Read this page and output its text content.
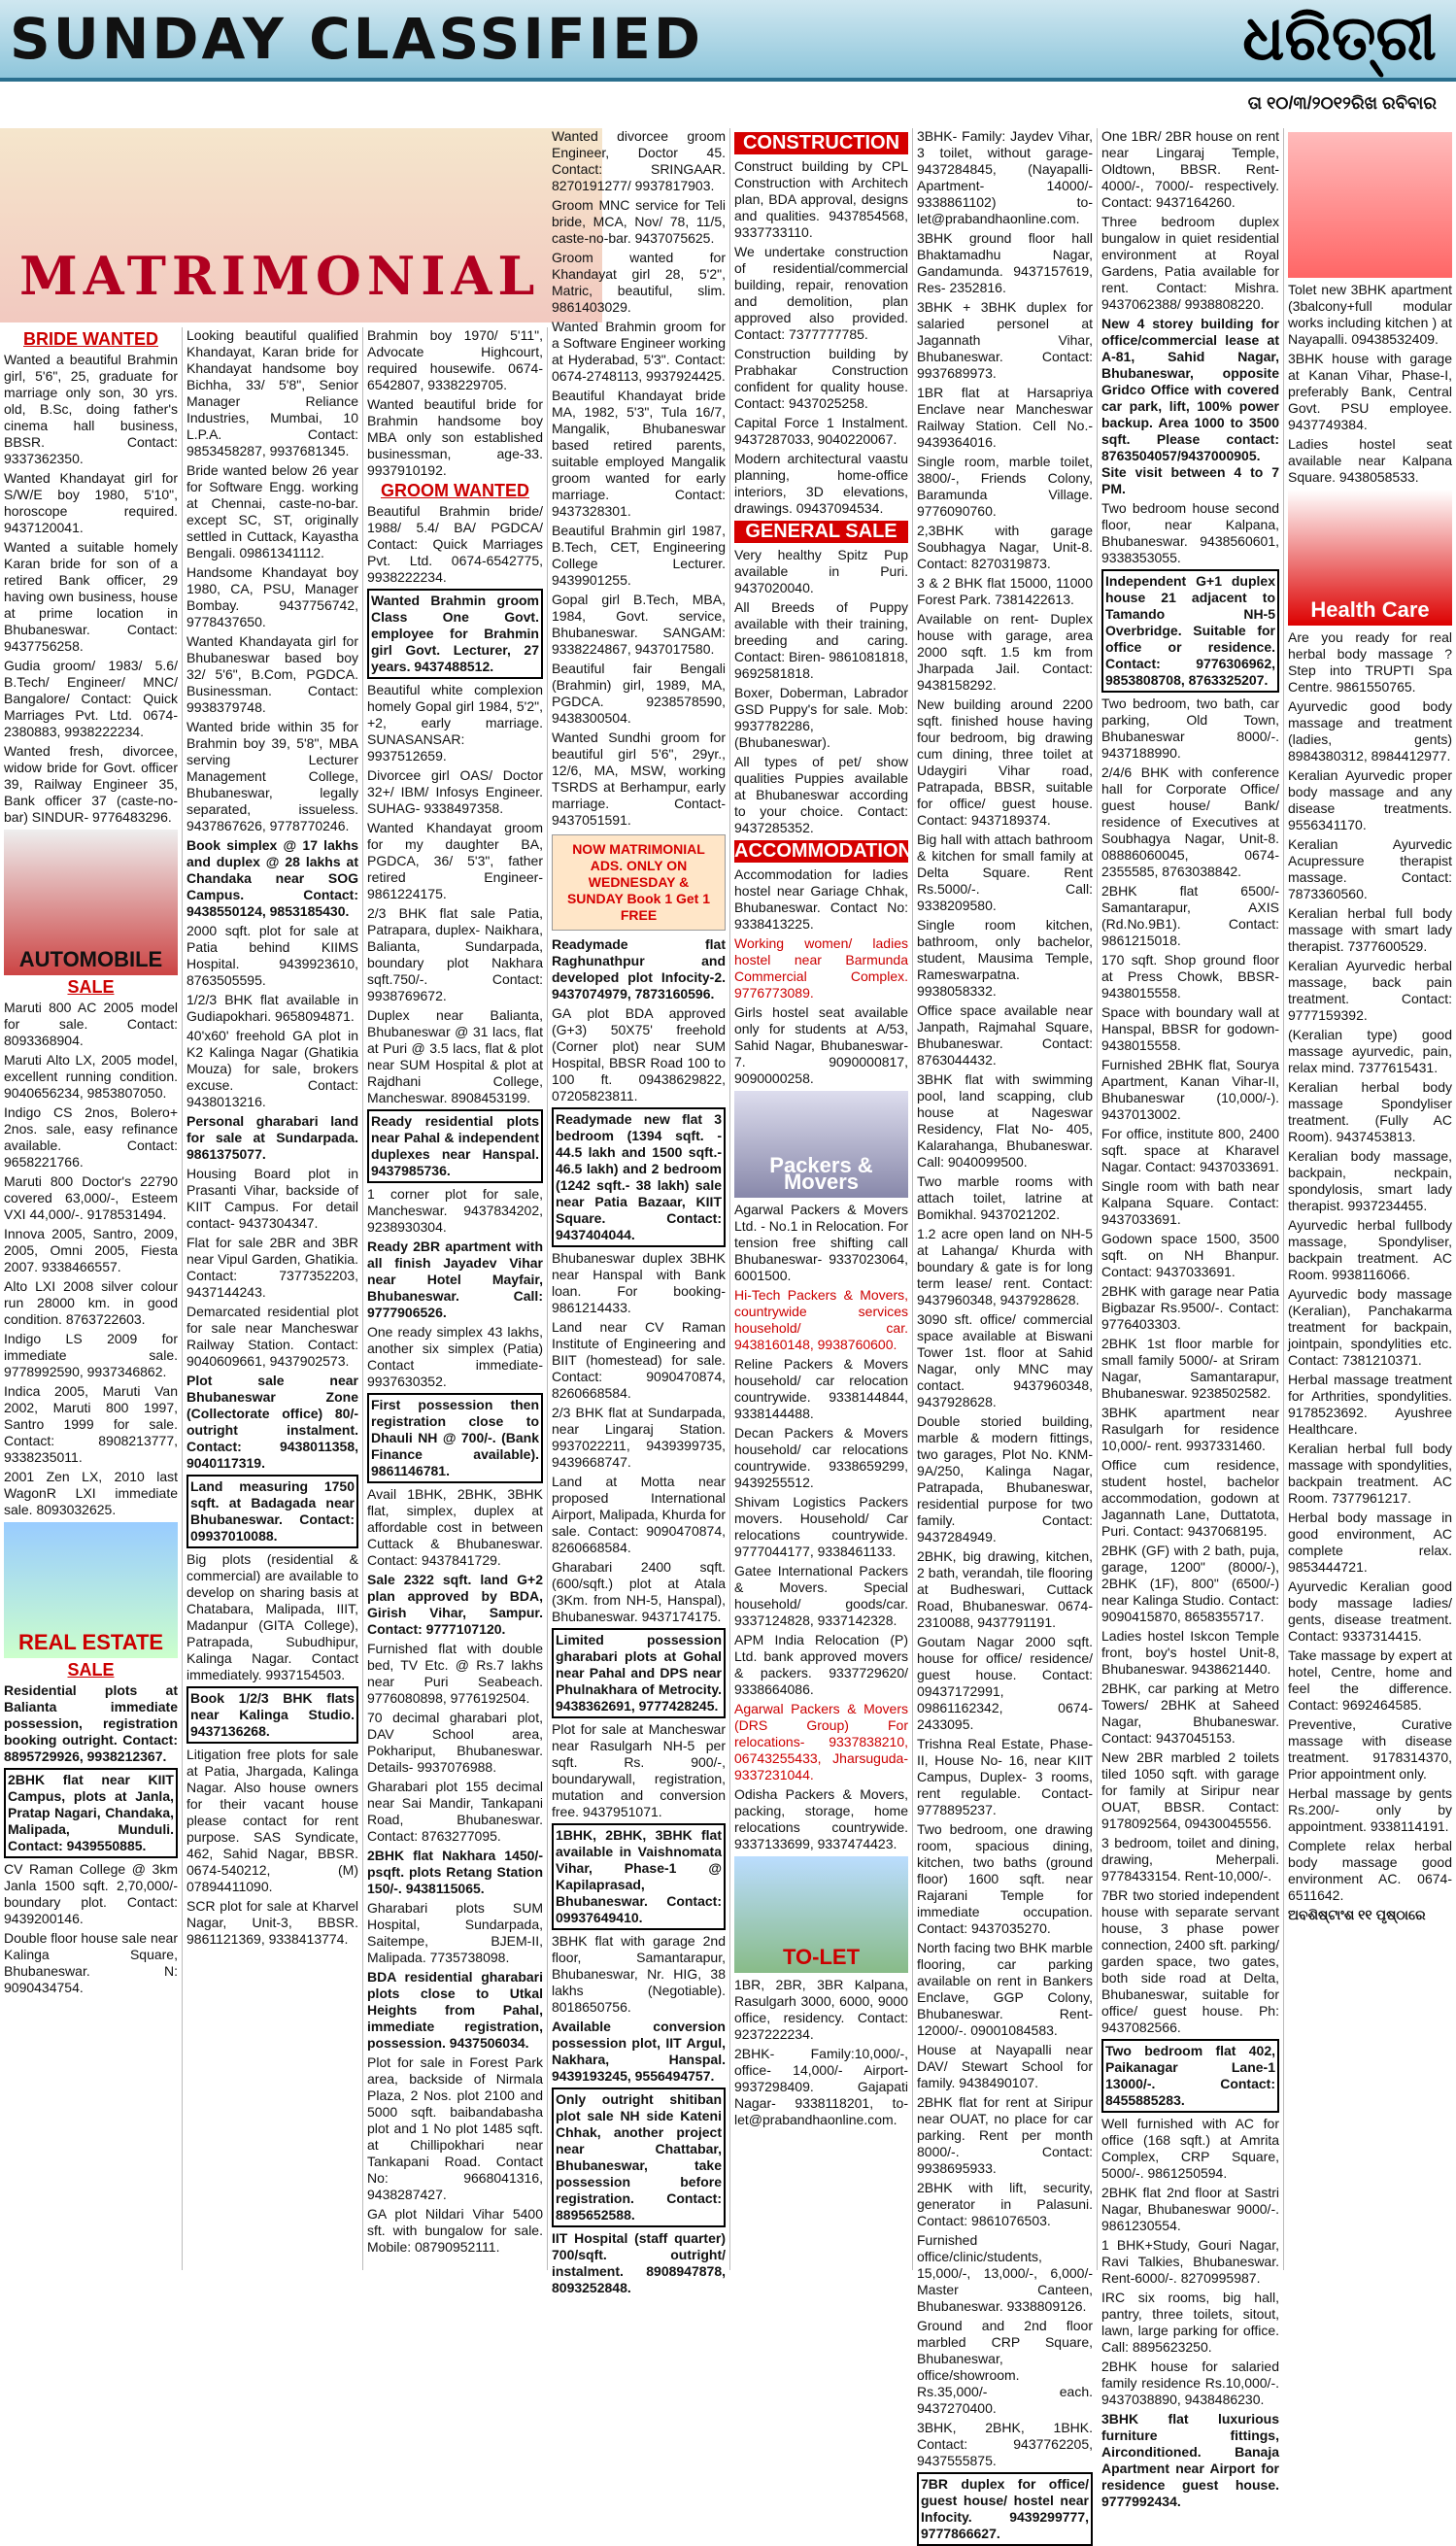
SUNDAY CLASSIFIED	ଧରିତ୍ରୀ
ତା ୧୦/୩/୨୦୧୨ରିଖ ରବିବାର
MATRIMONIAL
BRIDE WANTED
Wanted a beautiful Brahmin girl, 5'6", 25, graduate for marriage only son, 30 yrs. old, B.Sc, doing father's cinema hall business, BBSR. Contact: 9337362350.
Wanted Khandayat girl for S/W/E boy 1980, 5'10", horoscope required. 9437120041.
Wanted a suitable homely Karan bride for son of a retired Bank officer, 29 having own business, house at prime location in Bhubaneswar. Contact: 9437756258.
Gudia groom/ 1983/ 5.6/ B.Tech/ Engineer/ MNC/ Bangalore/ Contact: Quick Marriages Pvt. Ltd. 0674-2380883, 9938222234.
Wanted fresh, divorcee, widow bride for Govt. officer 39, Railway Engineer 35, Bank officer 37 (caste-no-bar) SINDUR- 9776483296.
AUTOMOBILE
SALE
Maruti 800 AC 2005 model for sale. Contact: 8093368904.
Maruti Alto LX, 2005 model, excellent running condition. 9040656234, 9853807050.
Indigo CS 2nos, Bolero+ 2nos. sale, easy refinance available. Contact: 9658221766.
Maruti 800 Doctor's 22790 covered 63,000/-, Esteem VXI 44,000/-. 9178531494.
Innova 2005, Santro, 2009, 2005, Omni 2005, Fiesta 2007. 9338466557.
Alto LXI 2008 silver colour run 28000 km. in good condition. 8763722603.
Indigo LS 2009 for immediate sale. 9778992590, 9937346862.
Indica 2005, Maruti Van 2002, Maruti 800 1997, Santro 1999 for sale. Contact: 8908213777, 9338235011.
2001 Zen LX, 2010 last WagonR LXI immediate sale. 8093032625.
REAL ESTATE
SALE
Residential plots at Balianta immediate possession, registration booking outright. Contact: 8895729926, 9938212367.
2BHK flat near KIIT Campus, plots at Janla, Pratap Nagari, Chandaka, Malipada, Munduli. Contact: 9439550885.
CV Raman College @ 3km Janla 1500 sqft. 2,70,000/- boundary plot. Contact: 9439200146.
Double floor house sale near Kalinga Square, Bhubaneswar. N: 9090434754.
Looking beautiful qualified Khandayat, Karan bride for Khandayat handsome boy Bichha, 33/ 5'8", Senior Manager Reliance Industries, Mumbai, 10 L.P.A. Contact: 9853458287, 9937681345.
Bride wanted below 26 year for Software Engg. working at Chennai, caste-no-bar. except SC, ST, originally settled in Cuttack, Kayastha Bengali. 09861341112.
Handsome Khandayat boy 1980, CA, PSU, Manager Bombay. 9437756742, 9778437650.
Wanted Khandayata girl for Bhubaneswar based boy 32/ 5'6", B.Com, PGDCA. Businessman. Contact: 9938379748.
Wanted bride within 35 for Brahmin boy 39, 5'8", MBA serving Lecturer Management College, Bhubaneswar, legally separated, issueless. 9437867626, 9778770246.
Book simplex @ 17 lakhs and duplex @ 28 lakhs at Chandaka near SOG Campus. Contact: 9438550124, 9853185430.
2000 sqft. plot for sale at Patia behind KIIMS Hospital. 9439923610, 8763505595.
1/2/3 BHK flat available in Gudiapokhari. 9658094871.
40'x60' freehold GA plot in K2 Kalinga Nagar (Ghatikia Mouza) for sale, brokers excuse. Contact: 9438013216.
Personal gharabari land for sale at Sundarpada. 9861375077.
Housing Board plot in Prasanti Vihar, backside of KIIT Campus. For detail contact- 9437304347.
Flat for sale 2BR and 3BR near Vipul Garden, Ghatikia. Contact: 7377352203, 9437144243.
Demarcated residential plot for sale near Mancheswar Railway Station. Contact: 9040609661, 9437902573.
Plot sale near Bhubaneswar Zone (Collectorate office) 80/- outright instalment. Contact: 9438011358, 9040117319.
Land measuring 1750 sqft. at Badagada near Bhubaneswar. Contact: 09937010088.
Big plots (residential & commercial) are available to develop on sharing basis at Chatabara, Malipada, IIIT, Madanpur (GITA College), Patrapada, Subudhipur, Kalinga Nagar. Contact immediately. 9937154503.
Book 1/2/3 BHK flats near Kalinga Studio. 9437136268.
Litigation free plots for sale at Patia, Jhargada, Kalinga Nagar. Also house owners for their vacant house please contact for rent purpose. SAS Syndicate, 462, Sahid Nagar, BBSR. 0674-540212, (M) 07894411090.
SCR plot for sale at Kharvel Nagar, Unit-3, BBSR. 9861121369, 9338413774.
Brahmin boy 1970/ 5'11", Advocate Highcourt, required housewife. 0674-6542807, 9338229705.
Wanted beautiful bride for Brahmin handsome boy MBA only son established businessman, age-33. 9937910192.
GROOM WANTED
Beautiful Brahmin bride/ 1988/ 5.4/ BA/ PGDCA/ Contact: Quick Marriages Pvt. Ltd. 0674-6542775, 9938222234.
Wanted Brahmin groom Class One Govt. employee for Brahmin girl Govt. Lecturer, 27 years. 9437488512.
Beautiful white complexion homely Gopal girl 1984, 5'2", +2, early marriage. SUNASANSAR: 9937512659.
Divorcee girl OAS/ Doctor 32+/ IBM/ Infosys Engineer. SUHAG- 9338497358.
Wanted Khandayat groom for my daughter BA, PGDCA, 36/ 5'3", father retired Engineer- 9861224175.
2/3 BHK flat sale Patia, Patrapara, duplex- Naikhara, Balianta, Sundarpada, boundary plot Nakhara sqft.750/-. Contact: 9938769672.
Duplex near Balianta, Bhubaneswar @ 31 lacs, flat at Puri @ 3.5 lacs, flat & plot near SUM Hospital & plot at Rajdhani College, Mancheswar. 8908453199.
Ready residential plots near Pahal & independent duplexes near Hanspal. 9437985736.
1 corner plot for sale, Mancheswar. 9437834202, 9238930304.
Ready 2BR apartment with all finish Jayadev Vihar near Hotel Mayfair, Bhubaneswar. Call: 9777906526.
One ready simplex 43 lakhs, another six simplex (Patia) Contact immediate- 9937630352.
First possession then registration close to Dhauli NH @ 700/-. (Bank Finance available). 9861146781.
Avail 1BHK, 2BHK, 3BHK flat, simplex, duplex at affordable cost in between Cuttack & Bhubaneswar. Contact: 9437841729.
Sale 2322 sqft. land G+2 plan approved by BDA, Girish Vihar, Sampur. Contact: 9777107120.
Furnished flat with double bed, TV Etc. @ Rs.7 lakhs near Puri Seabeach. 9776080898, 9776192504.
70 decimal gharabari plot, DAV School area, Pokhariput, Bhubaneswar. Details- 9937076988.
Gharabari plot 155 decimal near Sai Mandir, Tankapani Road, Bhubaneswar. Contact: 8763277095.
2BHK flat Nakhara 1450/- psqft. plots Retang Station 150/-. 9438115065.
Gharabari plots SUM Hospital, Sundarpada, Saitempe, BJEM-II, Malipada. 7735738098.
BDA residential gharabari plots close to Utkal Heights from Pahal, immediate registration, possession. 9437506034.
Plot for sale in Forest Park area, backside of Nirmala Plaza, 2 Nos. plot 2100 and 5000 sqft. baibandabasha plot and 1 No plot 1485 sqft. at Chillipokhari near Tankapani Road. Contact No: 9668041316, 9438287427.
GA plot Nildari Vihar 5400 sft. with bungalow for sale. Mobile: 08790952111.
Wanted divorcee groom Engineer, Doctor 45. Contact: SRINGAAR. 8270191277/ 9937817903.
Groom MNC service for Teli bride, MCA, Nov/ 78, 11/5, caste-no-bar. 9437075625.
Groom wanted for Khandayat girl 28, 5'2", Matric, beautiful, slim. 9861403029.
Wanted Brahmin groom for a Software Engineer working at Hyderabad, 5'3". Contact: 0674-2748113, 9937924425.
Beautiful Khandayat bride MA, 1982, 5'3", Tula 16/7, Mangalik, Bhubaneswar based retired parents, suitable employed Mangalik groom wanted for early marriage. Contact: 9437328301.
Beautiful Brahmin girl 1987, B.Tech, CET, Engineering College Lecturer. 9439901255.
Gopal girl B.Tech, MBA, 1984, Govt. service, Bhubaneswar. SANGAM: 9338224867, 9437017580.
Beautiful fair Bengali (Brahmin) girl, 1989, MA, PGDCA. 9238578590, 9438300504.
Wanted Sundhi groom for beautiful girl 5'6", 29yr., 12/6, MA, MSW, working TSRDS at Berhampur, early marriage. Contact- 9437051591.
NOW MATRIMONIAL ADS. ONLY ON WEDNESDAY & SUNDAY Book 1 Get 1 FREE
Readymade flat Raghunathpur and developed plot Infocity-2. 9437074979, 7873160596.
GA plot BDA approved (G+3) 50X75' freehold (Corner plot) near SUM Hospital, BBSR Road 100 to 100 ft. 09438629822, 07205823811.
Readymade new flat 3 bedroom (1394 sqft. - 44.5 lakh and 1500 sqft.- 46.5 lakh) and 2 bedroom (1242 sqft.- 38 lakh) sale near Patia Bazaar, KIIT Square. Contact: 9437404044.
Bhubaneswar duplex 3BHK near Hanspal with Bank loan. For booking- 9861214433.
Land near CV Raman Institute of Engineering and BIIT (homestead) for sale. Contact: 9090470874, 8260668584.
2/3 BHK flat at Sundarpada, near Lingaraj Station. 9937022211, 9439399735, 9439668747.
Land at Motta near proposed International Airport, Malipada, Khurda for sale. Contact: 9090470874, 8260668584.
Gharabari 2400 sqft. (600/sqft.) plot at Atala (3Km. from NH-5, Hanspal), Bhubaneswar. 9437174175.
Limited possession gharabari plots at Gohal near Pahal and DPS near Phulnakhara of Metrocity. 9438362691, 9777428245.
Plot for sale at Mancheswar near Rasulgarh NH-5 per sqft. Rs. 900/-, boundarywall, registration, mutation and conversion free. 9437951071.
1BHK, 2BHK, 3BHK flat available in Vaishnomata Vihar, Phase-1 @ Kapilaprasad, Bhubaneswar. Contact: 09937649410.
3BHK flat with garage 2nd floor, Samantarapur, Bhubaneswar, Nr. HIG, 38 lakhs (Negotiable). 8018650756.
Available conversion possession plot, IIT Argul, Nakhara, Hanspal. 9439193245, 9556494757.
Only outright shitiban plot sale NH side Kateni Chhak, another project near Chattabar, Bhubaneswar, take possession before registration. Contact: 8895652588.
IIT Hospital (staff quarter) 700/sqft. outright/ instalment. 8908947878, 8093252848.
CONSTRUCTION
Construct building by CPL Construction with Architech plan, BDA approval, designs and qualities. 9437854568, 9337733110.
We undertake construction of residential/commercial building, repair, renovation and demolition, plan approved also provided. Contact: 7377777785.
Construction building by Prabhakar Construction confident for quality house. Contact: 9437025258.
Capital Force 1 Instalment. 9437287033, 9040220067.
Modern architectural vaastu planning, home-office interiors, 3D elevations, drawings. 09437094534.
GENERAL SALE
Very healthy Spitz Pup available in Puri. 9437020040.
All Breeds of Puppy available with their training, breeding and caring. Contact: Biren- 9861081818, 9692581818.
Boxer, Doberman, Labrador GSD Puppy's for sale. Mob: 9937782286, (Bhubaneswar).
All types of pet/ show qualities Puppies available at Bhubaneswar according to your choice. Contact: 9437285352.
ACCOMMODATION
Accommodation for ladies hostel near Gariage Chhak, Bhubaneswar. Contact No: 9338413225.
Working women/ ladies hostel near Barmunda Commercial Complex. 9776773089.
Girls hostel seat available only for students at A/53, Sahid Nagar, Bhubaneswar-7. 9090000817, 9090000258.
Packers & Movers
Agarwal Packers & Movers Ltd. - No.1 in Relocation. For tension free shifting call Bhubaneswar- 9337023064, 6001500.
Hi-Tech Packers & Movers, countrywide services household/ car. 9438160148, 9938760600.
Reline Packers & Movers household/ car relocation countrywide. 9338144844, 9338144488.
Decan Packers & Movers household/ car relocations countrywide. 9338659299, 9439255512.
Shivam Logistics Packers movers. Household/ Car relocations countrywide. 9777044177, 9338461133.
Gatee International Packers & Movers. Special household/ goods/car. 9337124828, 9337142328.
APM India Relocation (P) Ltd. bank approved movers & packers. 9337729620/ 9338664086.
Agarwal Packers & Movers (DRS Group) For relocations- 9337838210, 06743255433, Jharsuguda- 9337231044.
Odisha Packers & Movers, packing, storage, home relocations countrywide. 9337133699, 9337474423.
TO-LET
1BR, 2BR, 3BR Kalpana, Rasulgarh 3000, 6000, 9000 office, residency. Contact: 9237222234.
2BHK- Family:10,000/-, office- 14,000/- Airport-9937298409. Gajapati Nagar- 9338118201, to-let@prabandhaonline.com.
3BHK- Family: Jaydev Vihar, 3 toilet, without garage- 9437284845, (Nayapalli- Apartment- 14000/- 9338861102) to-let@prabandhaonline.com.
3BHK ground floor hall Bhaktamadhu Nagar, Gandamunda. 9437157619, Res- 2352816.
3BHK + 3BHK duplex for salaried personel at Jagannath Vihar, Bhubaneswar. Contact: 9937689973.
1BR flat at Harsapriya Enclave near Mancheswar Railway Station. Cell No.- 9439364016.
Single room, marble toilet, 3800/-, Friends Colony, Baramunda Village. 9776090760.
2,3BHK with garage Soubhagya Nagar, Unit-8. Contact: 8270319873.
3 & 2 BHK flat 15000, 11000 Forest Park. 7381422613.
Available on rent- Duplex house with garage, area 2000 sqft. 1.5 km from Jharpada Jail. Contact: 9438158292.
New building around 2200 sqft. finished house having four bedroom, big drawing cum dining, three toilet at Udaygiri Vihar road, Patrapada, BBSR, suitable for office/ guest house. Contact: 9437189374.
Big hall with attach bathroom & kitchen for small family at Delta Square. Rent Rs.5000/-. Call: 9338209580.
Single room kitchen, bathroom, only bachelor, student, Mausima Temple, Rameswarpatna. 9938058332.
Office space available near Janpath, Rajmahal Square, Bhubaneswar. Contact: 8763044432.
3BHK flat with swimming pool, land scapping, club house at Nageswar Residency, Flat No- 405, Kalarahanga, Bhubaneswar. Call: 9040099500.
Two marble rooms with attach toilet, latrine at Bomikhal. 9437021202.
1.2 acre open land on NH-5 at Lahanga/ Khurda with boundary & gate is for long term lease/ rent. Contact: 9437960348, 9437928628.
3090 sft. office/ commercial space available at Biswani Tower 1st. floor at Sahid Nagar, only MNC may contact. 9437960348, 9437928628.
Double storied building, marble & modern fittings, two garages, Plot No. KNM-9A/250, Kalinga Nagar, Patrapada, Bhubaneswar, residential purpose for two family. Contact: 9437284949.
2BHK, big drawing, kitchen, 2 bath, verandah, tile flooring at Budheswari, Cuttack Road, Bhubaneswar. 0674-2310088, 9437791191.
Goutam Nagar 2000 sqft. house for office/ residence/ guest house. Contact: 09437172991, 09861162342, 0674-2433095.
Trishna Real Estate, Phase- II, House No- 16, near KIIT Campus, Duplex- 3 rooms, rent regulable. Contact- 9778895237.
Two bedroom, one drawing room, spacious dining, kitchen, two baths (ground floor) 1600 sqft. near Rajarani Temple for immediate occupation. Contact: 9437035270.
North facing two BHK marble flooring, car parking available on rent in Bankers Enclave, GGP Colony, Bhubaneswar. Rent- 12000/-. 09001084583.
House at Nayapalli near DAV/ Stewart School for family. 9438490107.
2BHK flat for rent at Siripur near OUAT, no place for car parking. Rent per month 8000/-. Contact: 9938695933.
2BHK with lift, security, generator in Palasuni. Contact: 9861076503.
Furnished office/clinic/students, 15,000/-, 13,000/-, 6,000/- Master Canteen, Bhubaneswar. 9338809126.
Ground and 2nd floor marbled CRP Square, Bhubaneswar, office/showroom. Rs.35,000/- each. 9437270400.
3BHK, 2BHK, 1BHK. Contact: 9437762205, 9437555875.
7BR duplex for office/ guest house/ hostel near Infocity. 9439299777, 9777866627.
One 1BR/ 2BR house on rent near Lingaraj Temple, Oldtown, BBSR. Rent- 4000/-, 7000/- respectively. Contact: 9437164260.
Three bedroom duplex bungalow in quiet residential environment at Royal Gardens, Patia available for rent. Contact: Mishra. 9437062388/ 9938808220.
New 4 storey building for office/commercial lease at A-81, Sahid Nagar, Bhubaneswar, opposite Gridco Office with covered car park, lift, 100% power backup. Area 1000 to 3500 sqft. Please contact: 8763504057/9437000905. Site visit between 4 to 7 PM.
Two bedroom house second floor, near Kalpana, Bhubaneswar. 9438560601, 9338353055.
Independent G+1 duplex house 21 adjacent to Tamando NH-5 Overbridge. Suitable for office or residence. Contact: 9776306962, 9853808708, 8763325207.
Two bedroom, two bath, car parking, Old Town, Bhubaneswar 8000/-. 9437188990.
2/4/6 BHK with conference hall for Corporate Office/ guest house/ Bank/ residence of Executives at Soubhagya Nagar, Unit-8. 08886060045, 0674-2355585, 8763038842.
2BHK flat 6500/- Samantarapur, AXIS (Rd.No.9B1). Contact: 9861215018.
170 sqft. Shop ground floor at Press Chowk, BBSR- 9438015558.
Space with boundary wall at Hanspal, BBSR for godown- 9438015558.
Furnished 2BHK flat, Sourya Apartment, Kanan Vihar-II, Bhubaneswar (10,000/-). 9437013002.
For office, institute 800, 2400 sqft. space at Kharavel Nagar. Contact: 9437033691.
Single room with bath near Kalpana Square. Contact: 9437033691.
Godown space 1500, 3500 sqft. on NH Bhanpur. Contact: 9437033691.
2BHK with garage near Patia Bigbazar Rs.9500/-. Contact: 9776403303.
2BHK 1st floor marble for small family 5000/- at Sriram Nagar, Samantarapur, Bhubaneswar. 9238502582.
3BHK apartment near Rasulgarh for residence 10,000/- rent. 9937331460.
Office cum residence, student hostel, bachelor accommodation, godown at Jagannath Lane, Duttatota, Puri. Contact: 9437068195.
2BHK (GF) with 2 bath, puja, garage, 1200" (8000/-), 2BHK (1F), 800" (6500/-) near Kalinga Studio. Contact: 9090415870, 8658355717.
Ladies hostel Iskcon Temple front, boy's hostel Unit-8, Bhubaneswar. 9438621440.
2BHK, car parking at Metro Towers/ 2BHK at Saheed Nagar, Bhubaneswar. Contact: 9437045153.
New 2BR marbled 2 toilets tiled 1050 sqft. with garage for family at Siripur near OUAT, BBSR. Contact: 9178092564, 09430045556.
3 bedroom, toilet and dining, drawing, Meherpali. 9778433154. Rent-10,000/-.
7BR two storied independent house with separate servant house, 3 phase power connection, 2400 sft. parking/ garden space, two gates, both side road at Delta, Bhubaneswar, suitable for office/ guest house. Ph: 9437082566.
Two bedroom flat 402, Paikanagar Lane-1 13000/-. Contact: 8455885283.
Well furnished with AC for office (168 sqft.) at Amrita Complex, CRP Square, 5000/-. 9861250594.
2BHK flat 2nd floor at Sastri Nagar, Bhubaneswar 9000/-. 9861230554.
1 BHK+Study, Gouri Nagar, Ravi Talkies, Bhubaneswar. Rent-6000/-. 8270995987.
IRC six rooms, big hall, pantry, three toilets, sitout, lawn, large parking for office. Call: 8895623250.
2BHK house for salaried family residence Rs.10,000/-. 9437038890, 9438486230.
3BHK flat luxurious furniture fittings, Airconditioned. Banaja Apartment near Airport for residence guest house. 9777992434.
Tolet new 3BHK apartment (3balcony+full modular works including kitchen ) at Nayapalli. 09438532409.
3BHK house with garage at Kanan Vihar, Phase-I, preferably Bank, Central Govt. PSU employee. 9437749384.
Ladies hostel seat available near Kalpana Square. 9438058533.
Health Care
Are you ready for real herbal body massage ? Step into TRUPTI Spa Centre. 9861550765.
Ayurvedic good body massage and treatment (ladies, gents) 8984380312, 8984412977.
Keralian Ayurvedic proper body massage and any disease treatments. 9556341170.
Keralian Ayurvedic Acupressure therapist massage. Contact: 7873360560.
Keralian herbal full body massage with smart lady therapist. 7377600529.
Keralian Ayurvedic herbal massage, back pain treatment. Contact: 9777159392.
(Keralian type) good massage ayurvedic, pain, relax mind. 7377615431.
Keralian herbal body massage Spondyliser treatment. (Fully AC Room). 9437453813.
Keralian body massage, backpain, neckpain, spondylosis, smart lady therapist. 9937234455.
Ayurvedic herbal fullbody massage, Spondyliser, backpain treatment. AC Room. 9938116066.
Ayurvedic body massage (Keralian), Panchakarma treatment for backpain, jointpain, spondylities etc. Contact: 7381210371.
Herbal massage treatment for Arthrities, spondylities. 9178523692. Ayushree Healthcare.
Keralian herbal full body massage with spondylities, backpain treatment. AC Room. 7377961217.
Herbal body massage in good environment, AC complete relax. 9853444721.
Ayurvedic Keralian good body massage ladies/ gents, disease treatment. Contact: 9337314415.
Take massage by expert at hotel, Centre, home and feel the difference. Contact: 9692464585.
Preventive, Curative massage with disease treatment. 9178314370, Prior appointment only.
Herbal massage by gents Rs.200/- only by appointment. 9338114191.
Complete relax herbal body massage good environment AC. 0674-6511642.
ଅବଶିଷ୍ଟାଂଶ ୧୧ ପୃଷ୍ଠାରେ
